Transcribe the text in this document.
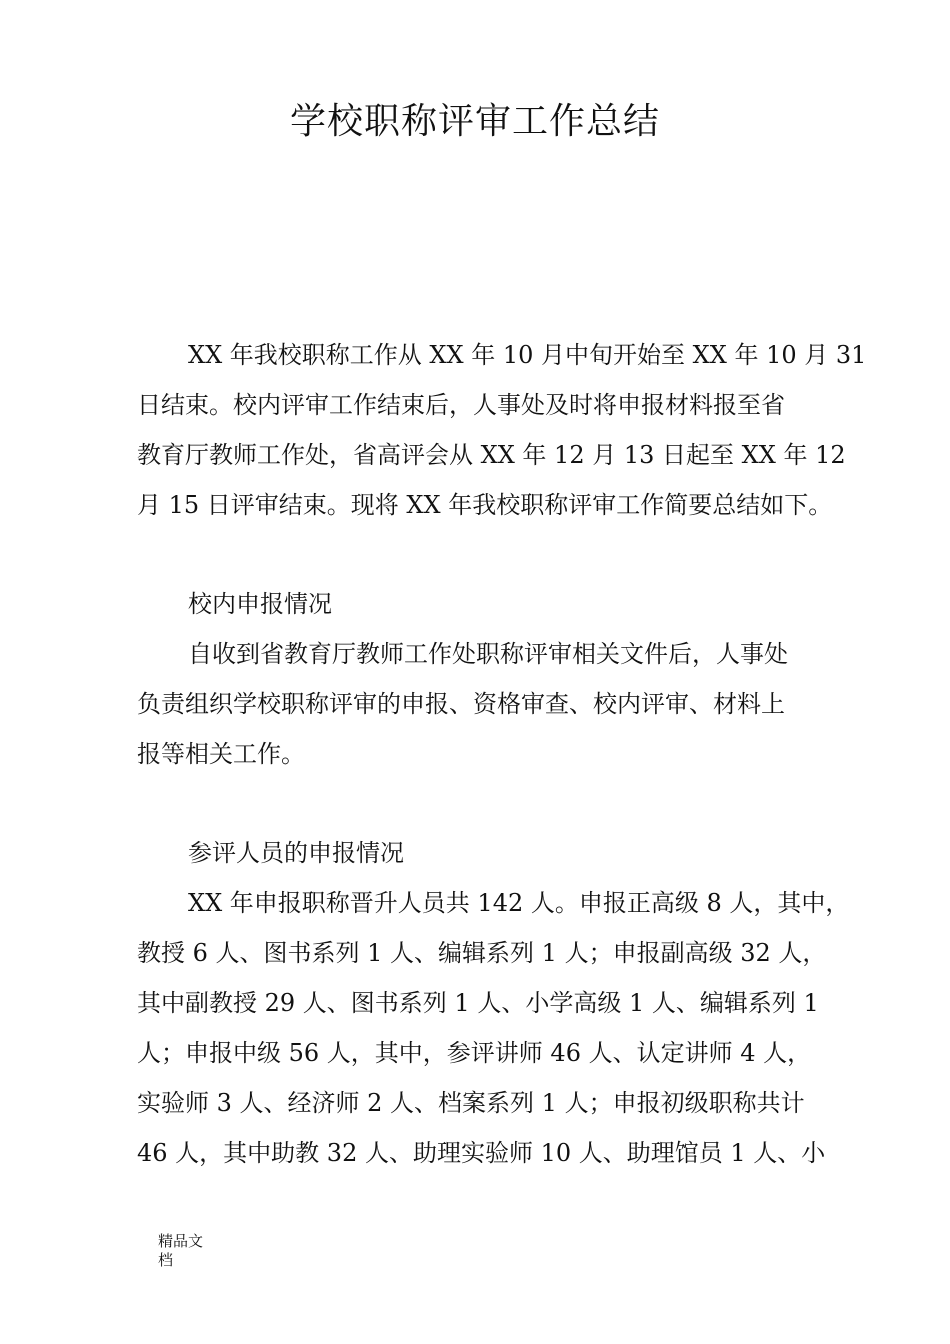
学校职称评审工作总结
XX 年我校职称工作从 XX 年 10 月中旬开始至 XX 年 10 月 31
日结束。校内评审工作结束后，人事处及时将申报材料报至省
教育厅教师工作处，省高评会从 XX 年 12 月 13 日起至 XX 年 12
月 15 日评审结束。现将 XX 年我校职称评审工作简要总结如下。
校内申报情况
自收到省教育厅教师工作处职称评审相关文件后，人事处
负责组织学校职称评审的申报、资格审查、校内评审、材料上
报等相关工作。
参评人员的申报情况
XX 年申报职称晋升人员共 142 人。申报正高级 8 人，其中，
教授 6 人、图书系列 1 人、编辑系列 1 人；申报副高级 32 人，
其中副教授 29 人、图书系列 1 人、小学高级 1 人、编辑系列 1
人；申报中级 56 人，其中，参评讲师 46 人、认定讲师 4 人，
实验师 3 人、经济师 2 人、档案系列 1 人；申报初级职称共计
46 人，其中助教 32 人、助理实验师 10 人、助理馆员 1 人、小
精品文
档
